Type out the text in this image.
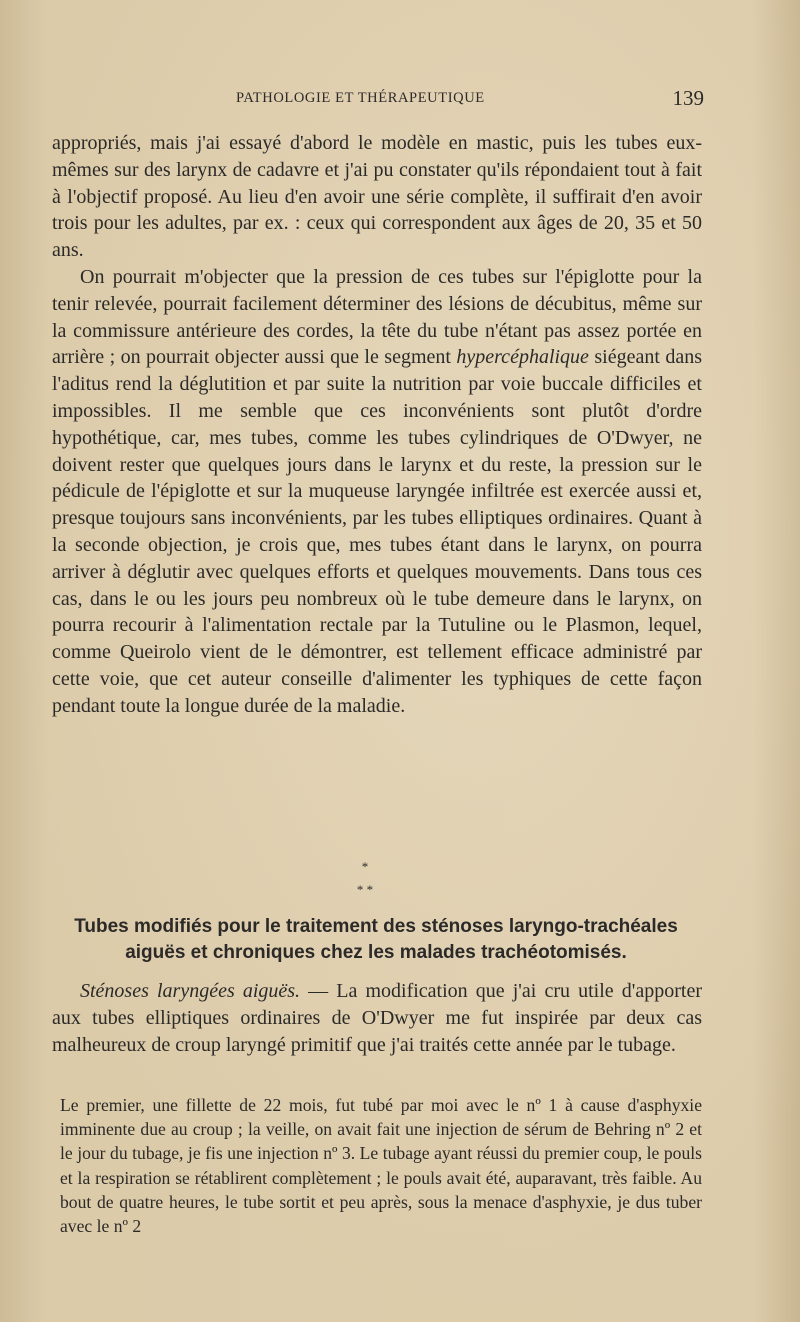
PATHOLOGIE ET THÉRAPEUTIQUE	139

appropriés, mais j'ai essayé d'abord le modèle en mastic, puis les tubes eux-mêmes sur des larynx de cadavre et j'ai pu constater qu'ils répondaient tout à fait à l'objectif proposé. Au lieu d'en avoir une série complète, il suffirait d'en avoir trois pour les adultes, par ex. : ceux qui correspondent aux âges de 20, 35 et 50 ans.

On pourrait m'objecter que la pression de ces tubes sur l'épiglotte pour la tenir relevée, pourrait facilement déterminer des lésions de décubitus, même sur la commissure antérieure des cordes, la tête du tube n'étant pas assez portée en arrière ; on pourrait objecter aussi que le segment hypercéphalique siégeant dans l'aditus rend la déglutition et par suite la nutrition par voie buccale difficiles et impossibles. Il me semble que ces inconvénients sont plutôt d'ordre hypothétique, car, mes tubes, comme les tubes cylindriques de O'Dwyer, ne doivent rester que quelques jours dans le larynx et du reste, la pression sur le pédicule de l'épiglotte et sur la muqueuse laryngée infiltrée est exercée aussi et, presque toujours sans inconvénients, par les tubes elliptiques ordinaires. Quant à la seconde objection, je crois que, mes tubes étant dans le larynx, on pourra arriver à déglutir avec quelques efforts et quelques mouvements. Dans tous ces cas, dans le ou les jours peu nombreux où le tube demeure dans le larynx, on pourra recourir à l'alimentation rectale par la Tutuline ou le Plasmon, lequel, comme Queirolo vient de le démontrer, est tellement efficace administré par cette voie, que cet auteur conseille d'alimenter les typhiques de cette façon pendant toute la longue durée de la maladie.

*
* *
Tubes modifiés pour le traitement des sténoses laryngo-trachéales
aiguës et chroniques chez les malades trachéotomisés.

Sténoses laryngées aiguës. — La modification que j'ai cru utile d'apporter aux tubes elliptiques ordinaires de O'Dwyer me fut inspirée par deux cas malheureux de croup laryngé primitif que j'ai traités cette année par le tubage.

Le premier, une fillette de 22 mois, fut tubé par moi avec le nº 1 à cause d'asphyxie imminente due au croup ; la veille, on avait fait une injection de sérum de Behring nº 2 et le jour du tubage, je fis une injection nº 3. Le tubage ayant réussi du premier coup, le pouls et la respiration se rétablirent complètement ; le pouls avait été, auparavant, très faible. Au bout de quatre heures, le tube sortit et peu après, sous la menace d'asphyxie, je dus tuber avec le nº 2
